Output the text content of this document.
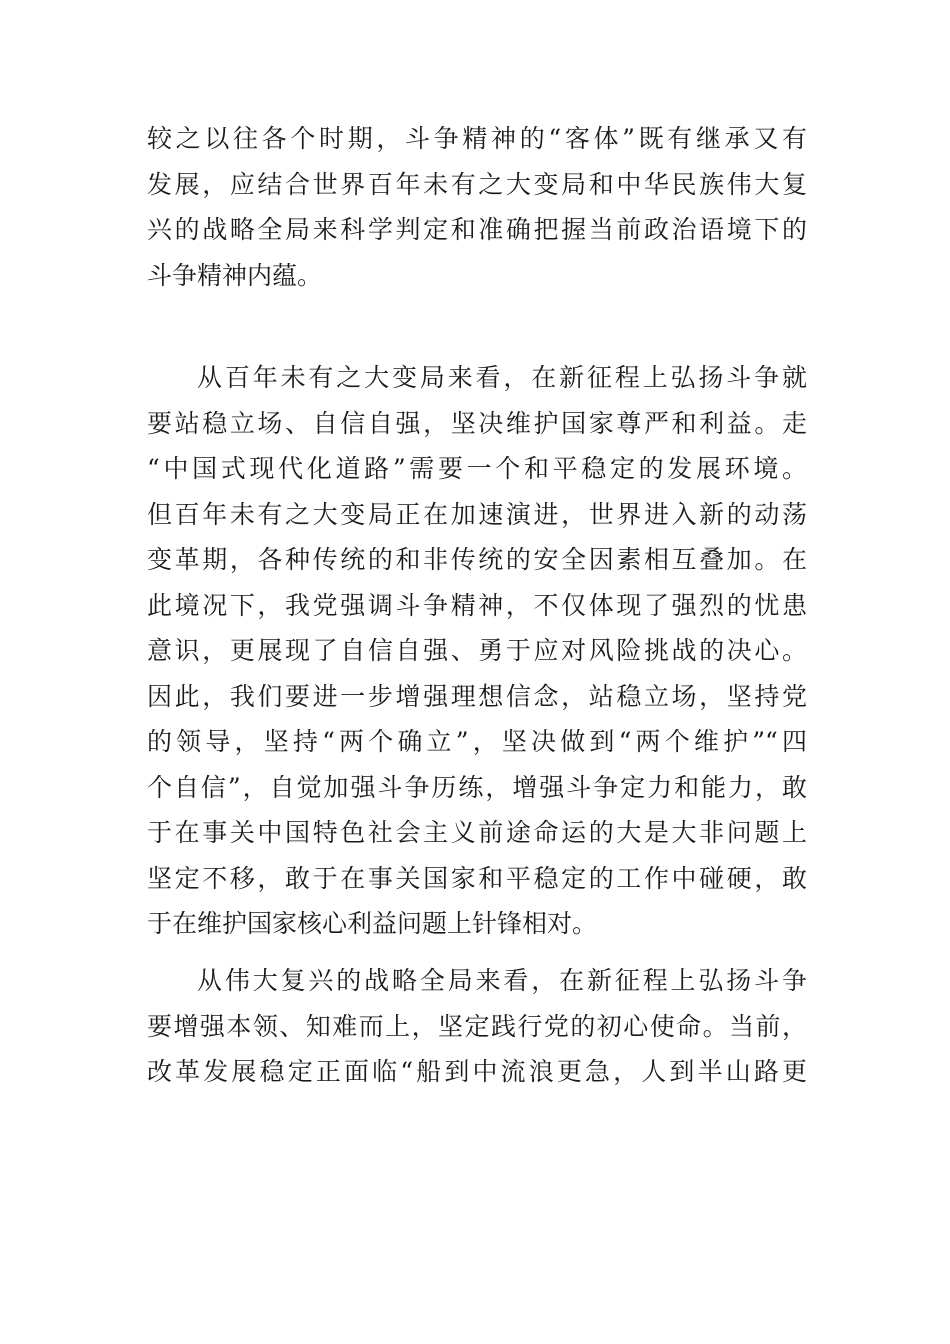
较之以往各个时期，斗争精神的“客体”既有继承又有
发展，应结合世界百年未有之大变局和中华民族伟大复
兴的战略全局来科学判定和准确把握当前政治语境下的
斗争精神内蕴。
从百年未有之大变局来看，在新征程上弘扬斗争就
要站稳立场、自信自强，坚决维护国家尊严和利益。走
“中国式现代化道路”需要一个和平稳定的发展环境。
但百年未有之大变局正在加速演进，世界进入新的动荡
变革期，各种传统的和非传统的安全因素相互叠加。在
此境况下，我党强调斗争精神，不仅体现了强烈的忧患
意识，更展现了自信自强、勇于应对风险挑战的决心。
因此，我们要进一步增强理想信念，站稳立场，坚持党
的领导，坚持“两个确立”，坚决做到“两个维护”“四
个自信”，自觉加强斗争历练，增强斗争定力和能力，敢
于在事关中国特色社会主义前途命运的大是大非问题上
坚定不移，敢于在事关国家和平稳定的工作中碰硬，敢
于在维护国家核心利益问题上针锋相对。
从伟大复兴的战略全局来看，在新征程上弘扬斗争
要增强本领、知难而上，坚定践行党的初心使命。当前，
改革发展稳定正面临“船到中流浪更急，人到半山路更
